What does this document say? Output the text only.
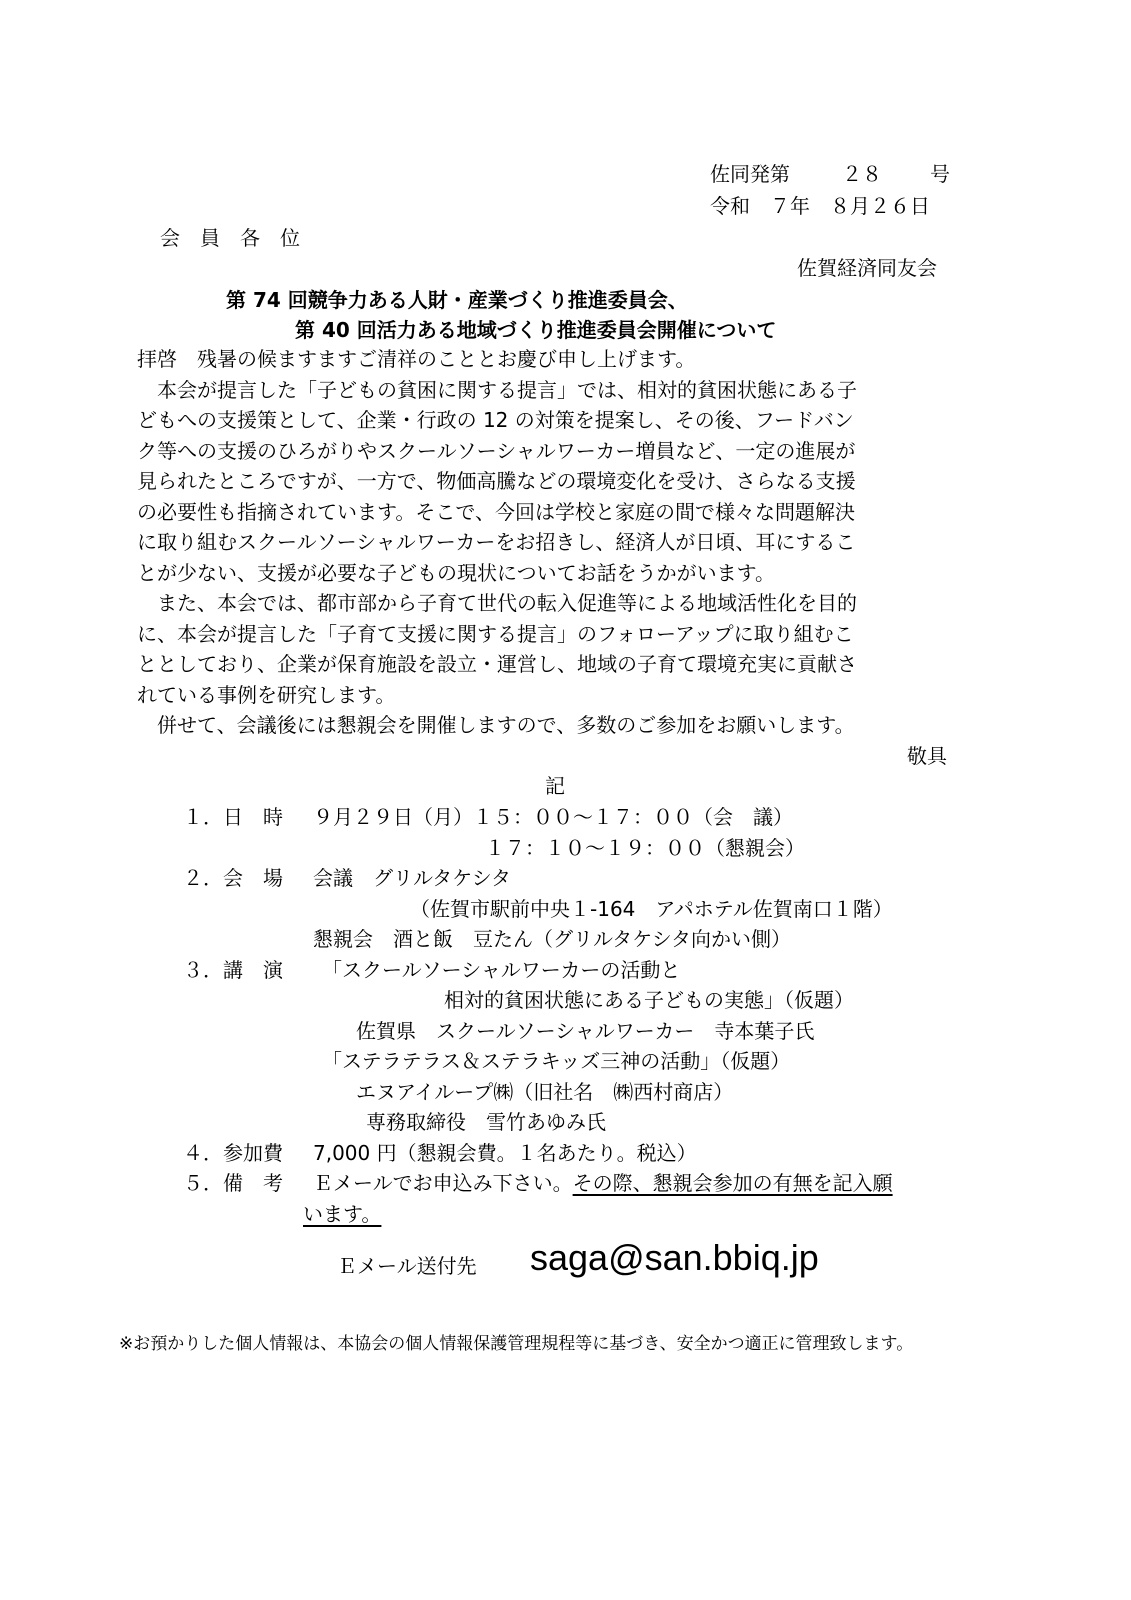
佐同発第	２８ 号
令和　７年　８月２６日
会　員　各　位
佐賀経済同友会
第 74 回競争力ある人財・産業づくり推進委員会、
第 40 回活力ある地域づくり推進委員会開催について
拝啓　残暑の候ますますご清祥のこととお慶び申し上げます。
　本会が提言した「子どもの貧困に関する提言」では、相対的貧困状態にある子
どもへの支援策として、企業・行政の 12 の対策を提案し、その後、フードバン
ク等への支援のひろがりやスクールソーシャルワーカー増員など、一定の進展が
見られたところですが、一方で、物価高騰などの環境変化を受け、さらなる支援
の必要性も指摘されています。そこで、今回は学校と家庭の間で様々な問題解決
に取り組むスクールソーシャルワーカーをお招きし、経済人が日頃、耳にするこ
とが少ない、支援が必要な子どもの現状についてお話をうかがいます。
　また、本会では、都市部から子育て世代の転入促進等による地域活性化を目的
に、本会が提言した「子育て支援に関する提言」のフォローアップに取り組むこ
ととしており、企業が保育施設を設立・運営し、地域の子育て環境充実に貢献さ
れている事例を研究します。
　併せて、会議後には懇親会を開催しますので、多数のご参加をお願いします。
敬具
記
１．日　時 ９月２９日（月）１５：００～１７：００（会　議）
１７：１０～１９：００（懇親会）
２．会　場 会議　グリルタケシタ
（佐賀市駅前中央１-164　アパホテル佐賀南口１階）
懇親会　酒と飯　豆たん（グリルタケシタ向かい側）
３．講　演 「スクールソーシャルワーカーの活動と
相対的貧困状態にある子どもの実態」（仮題）
佐賀県　スクールソーシャルワーカー　寺本葉子氏
「ステラテラス＆ステラキッズ三神の活動」（仮題）
エヌアイループ㈱（旧社名　㈱西村商店）
専務取締役　雪竹あゆみ氏
４．参加費 7,000 円（懇親会費。１名あたり。税込）
５．備　考 Ｅメールでお申込み下さい。その際、懇親会参加の有無を記入願
います。
Ｅメール送付先 saga@san.bbiq.jp
※お預かりした個人情報は、本協会の個人情報保護管理規程等に基づき、安全かつ適正に管理致します。
